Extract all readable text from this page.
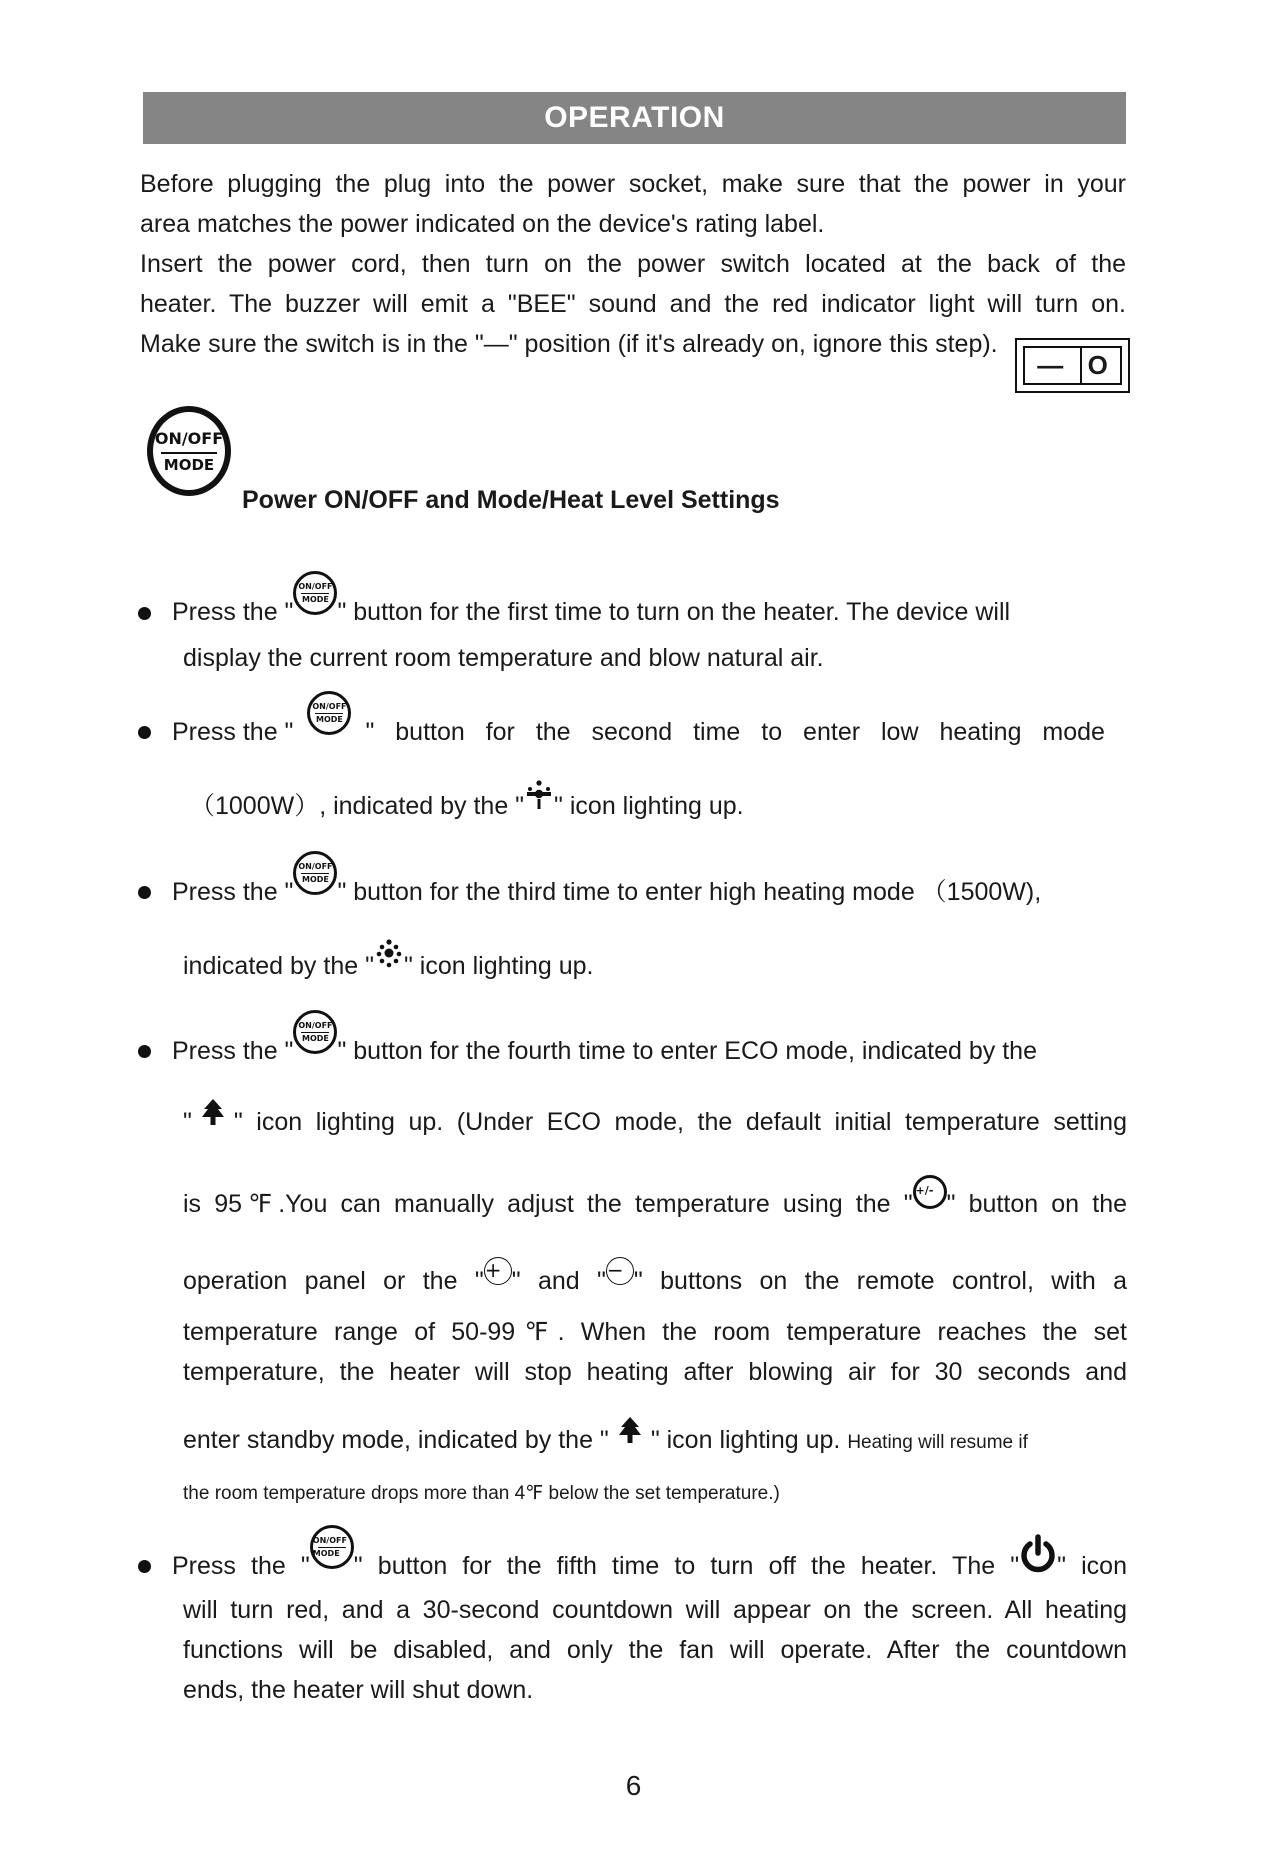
OPERATION
Before plugging the plug into the power socket, make sure that the power in your
area matches the power indicated on the device's rating label.
Insert the power cord, then turn on the power switch located at the back of the
heater. The buzzer will emit a "BEE" sound and the red indicator light will turn on.
Make sure the switch is in the "—" position (if it's already on, ignore this step).
— O
ON/OFF
MODE
Power ON/OFF and Mode/Heat Level Settings
Press the "
ON/OFF
MODE " button for the first time to turn on the heater. The device will
display the current room temperature and blow natural air.
Press the "
ON/OFF
MODE " button for the second time to enter low heating mode
（1000W）, indicated by the " " icon lighting up.
Press the "
ON/OFF
MODE " button for the third time to enter high heating mode （1500W),
indicated by the " " icon lighting up.
Press the "
ON/OFF
MODE " button for the fourth time to enter ECO mode, indicated by the
" " icon lighting up. (Under ECO mode, the default initial temperature setting
is 95℉.You can manually adjust the temperature using the " +/- " button on the
operation panel or the " + " and " − " buttons on the remote control, with a
temperature range of 50-99℉. When the room temperature reaches the set
temperature, the heater will stop heating after blowing air for 30 seconds and
enter standby mode, indicated by the " " icon lighting up. Heating will resume if
the room temperature drops more than 4℉ below the set temperature.)
Press the "
ON/OFF
MODE " button for the fifth time to turn off the heater. The " " icon
will turn red, and a 30-second countdown will appear on the screen. All heating
functions will be disabled, and only the fan will operate. After the countdown
ends, the heater will shut down.
6
